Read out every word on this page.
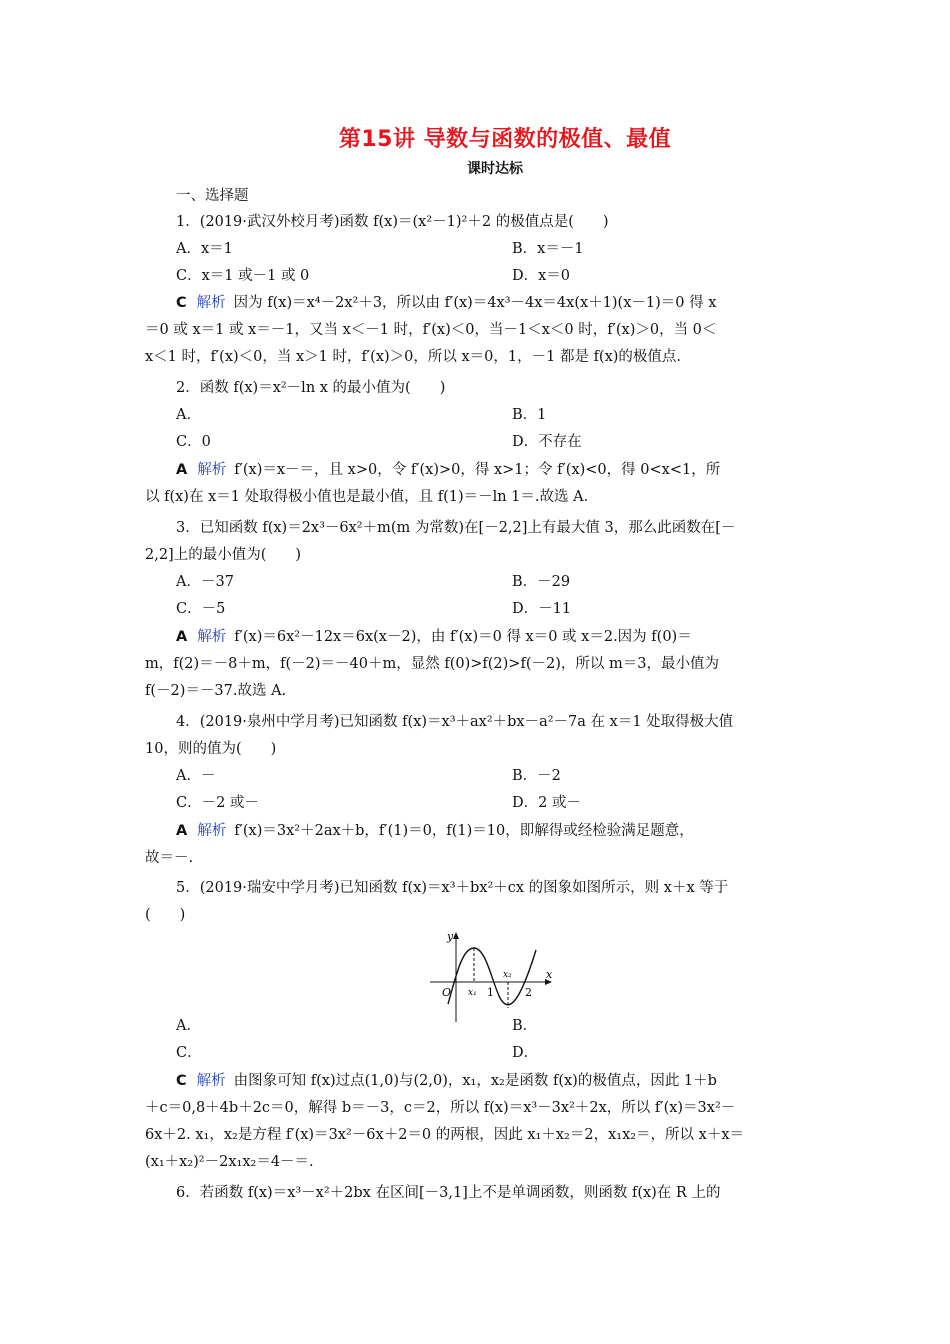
第15讲 导数与函数的极值、最值
课时达标
一、选择题
1．(2019·武汉外校月考)函数 f(x)＝(x²－1)²＋2 的极值点是(　　)
A．x＝1	B．x＝－1
C．x＝1 或－1 或 0	D．x＝0
C 解析 因为 f(x)＝x⁴－2x²＋3，所以由 f′(x)＝4x³－4x＝4x(x＋1)(x－1)＝0 得 x
＝0 或 x＝1 或 x＝－1，又当 x＜－1 时，f′(x)＜0，当－1＜x＜0 时，f′(x)＞0，当 0＜
x＜1 时，f′(x)＜0，当 x＞1 时，f′(x)＞0，所以 x＝0，1，－1 都是 f(x)的极值点.
2．函数 f(x)＝x²－ln x 的最小值为(　　)
A．	B．1
C．0	D．不存在
A 解析 f′(x)＝x－＝，且 x>0，令 f′(x)>0，得 x>1；令 f′(x)<0，得 0<x<1，所
以 f(x)在 x＝1 处取得极小值也是最小值，且 f(1)＝－ln 1＝.故选 A.
3．已知函数 f(x)＝2x³－6x²＋m(m 为常数)在[－2,2]上有最大值 3，那么此函数在[－
2,2]上的最小值为(　　)
A．－37	B．－29
C．－5	D．－11
A 解析 f′(x)＝6x²－12x＝6x(x－2)，由 f′(x)＝0 得 x＝0 或 x＝2.因为 f(0)＝
m，f(2)＝－8＋m，f(－2)＝－40＋m，显然 f(0)>f(2)>f(－2)，所以 m＝3，最小值为
f(－2)＝－37.故选 A.
4．(2019·泉州中学月考)已知函数 f(x)＝x³＋ax²＋bx－a²－7a 在 x＝1 处取得极大值
10，则的值为(　　)
A．－	B．－2
C．－2 或－	D．2 或－
A 解析 f′(x)＝3x²＋2ax＋b，f′(1)＝0，f(1)＝10，即解得或经检验满足题意，
故＝－.
5．(2019·瑞安中学月考)已知函数 f(x)＝x³＋bx²＋cx 的图象如图所示，则 x＋x 等于
(　　)
y
x
O x₁ 1
x₂
2
A．	B．
C．	D．
C 解析 由图象可知 f(x)过点(1,0)与(2,0)，x₁，x₂是函数 f(x)的极值点，因此 1＋b
＋c＝0,8＋4b＋2c＝0，解得 b＝－3，c＝2，所以 f(x)＝x³－3x²＋2x，所以 f′(x)＝3x²－
6x＋2. x₁，x₂是方程 f′(x)＝3x²－6x＋2＝0 的两根，因此 x₁＋x₂＝2，x₁x₂＝，所以 x＋x＝
(x₁＋x₂)²－2x₁x₂＝4－＝.
6．若函数 f(x)＝x³－x²＋2bx 在区间[－3,1]上不是单调函数，则函数 f(x)在 R 上的
